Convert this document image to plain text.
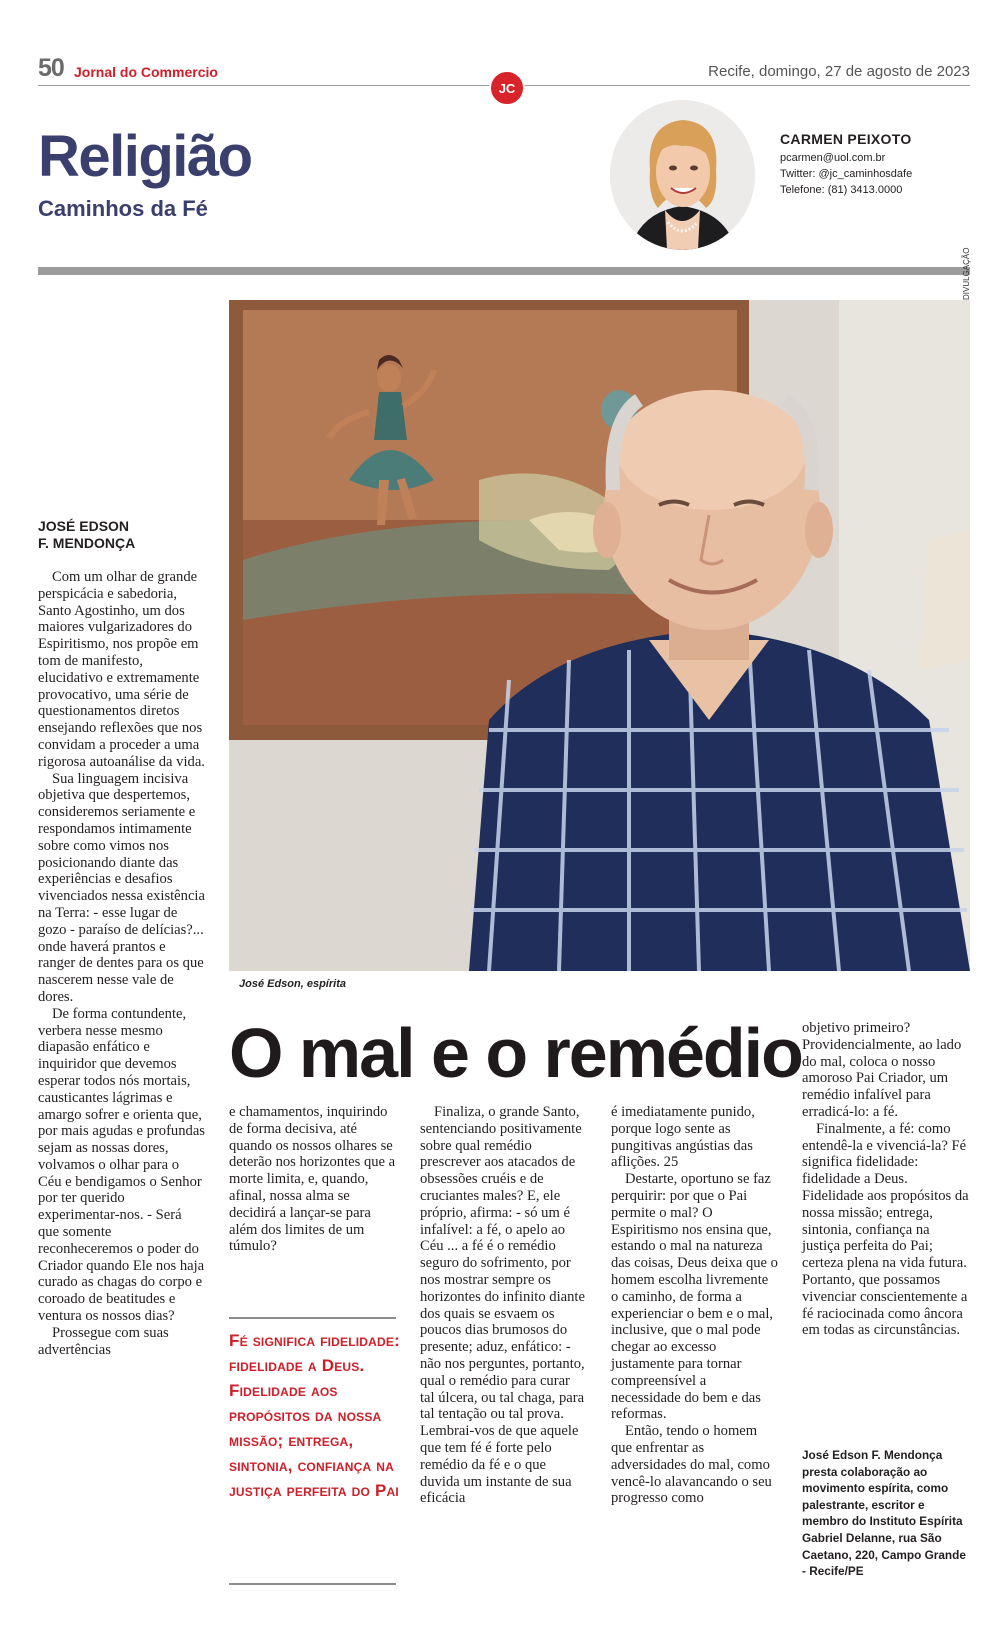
50 Jornal do Commercio	Recife, domingo, 27 de agosto de 2023
JC
Religião
Caminhos da Fé
CARMEN PEIXOTO
pcarmen@uol.com.br
Twitter: @jc_caminhosdafe
Telefone: (81) 3413.0000
DIVULGAÇÃO
José Edson, espírita
O mal e o remédio
JOSÉ EDSON
F. MENDONÇA

Com um olhar de grande perspicácia e sabedoria, Santo Agostinho, um dos maiores vulgarizadores do Espiritismo, nos propõe em tom de manifesto, elucidativo e extremamente provocativo, uma série de questionamentos diretos ensejando reflexões que nos convidam a proceder a uma rigorosa autoanálise da vida.

Sua linguagem incisiva objetiva que despertemos, consideremos seriamente e respondamos intimamente sobre como vimos nos posicionando diante das experiências e desafios vivenciados nessa existência na Terra: - esse lugar de gozo - paraíso de delícias?... onde haverá prantos e ranger de dentes para os que nascerem nesse vale de dores.

De forma contundente, verbera nesse mesmo diapasão enfático e inquiridor que devemos esperar todos nós mortais, causticantes lágrimas e amargo sofrer e orienta que, por mais agudas e profundas sejam as nossas dores, volvamos o olhar para o Céu e bendigamos o Senhor por ter querido experimentar-nos. - Será que somente reconheceremos o poder do Criador quando Ele nos haja curado as chagas do corpo e coroado de beatitudes e ventura os nossos dias?

Prossegue com suas advertências

e chamamentos, inquirindo de forma decisiva, até quando os nossos olhares se deterão nos horizontes que a morte limita, e, quando, afinal, nossa alma se decidirá a lançar-se para além dos limites de um túmulo?

Fé significa fidelidade: fidelidade a Deus. Fidelidade aos propósitos da nossa missão; entrega, sintonia, confiança na justiça perfeita do Pai

Finaliza, o grande Santo, sentenciando positivamente sobre qual remédio prescrever aos atacados de obsessões cruéis e de cruciantes males? E, ele próprio, afirma: - só um é infalível: a fé, o apelo ao Céu ... a fé é o remédio seguro do sofrimento, por nos mostrar sempre os horizontes do infinito diante dos quais se esvaem os poucos dias brumosos do presente; aduz, enfático: - não nos perguntes, portanto, qual o remédio para curar tal úlcera, ou tal chaga, para tal tentação ou tal prova. Lembrai-vos de que aquele que tem fé é forte pelo remédio da fé e o que duvida um instante de sua eficácia

é imediatamente punido, porque logo sente as pungitivas angústias das aflições. 25

Destarte, oportuno se faz perquirir: por que o Pai permite o mal? O Espiritismo nos ensina que, estando o mal na natureza das coisas, Deus deixa que o homem escolha livremente o caminho, de forma a experienciar o bem e o mal, inclusive, que o mal pode chegar ao excesso justamente para tornar compreensível a necessidade do bem e das reformas.

Então, tendo o homem que enfrentar as adversidades do mal, como vencê-lo alavancando o seu progresso como

objetivo primeiro? Providencialmente, ao lado do mal, coloca o nosso amoroso Pai Criador, um remédio infalível para erradicá-lo: a fé.

Finalmente, a fé: como entendê-la e vivenciá-la? Fé significa fidelidade: fidelidade a Deus. Fidelidade aos propósitos da nossa missão; entrega, sintonia, confiança na justiça perfeita do Pai; certeza plena na vida futura. Portanto, que possamos vivenciar conscientemente a fé raciocinada como âncora em todas as circunstâncias.

José Edson F. Mendonça presta colaboração ao movimento espírita, como palestrante, escritor e membro do Instituto Espírita Gabriel Delanne, rua São Caetano, 220, Campo Grande - Recife/PE
